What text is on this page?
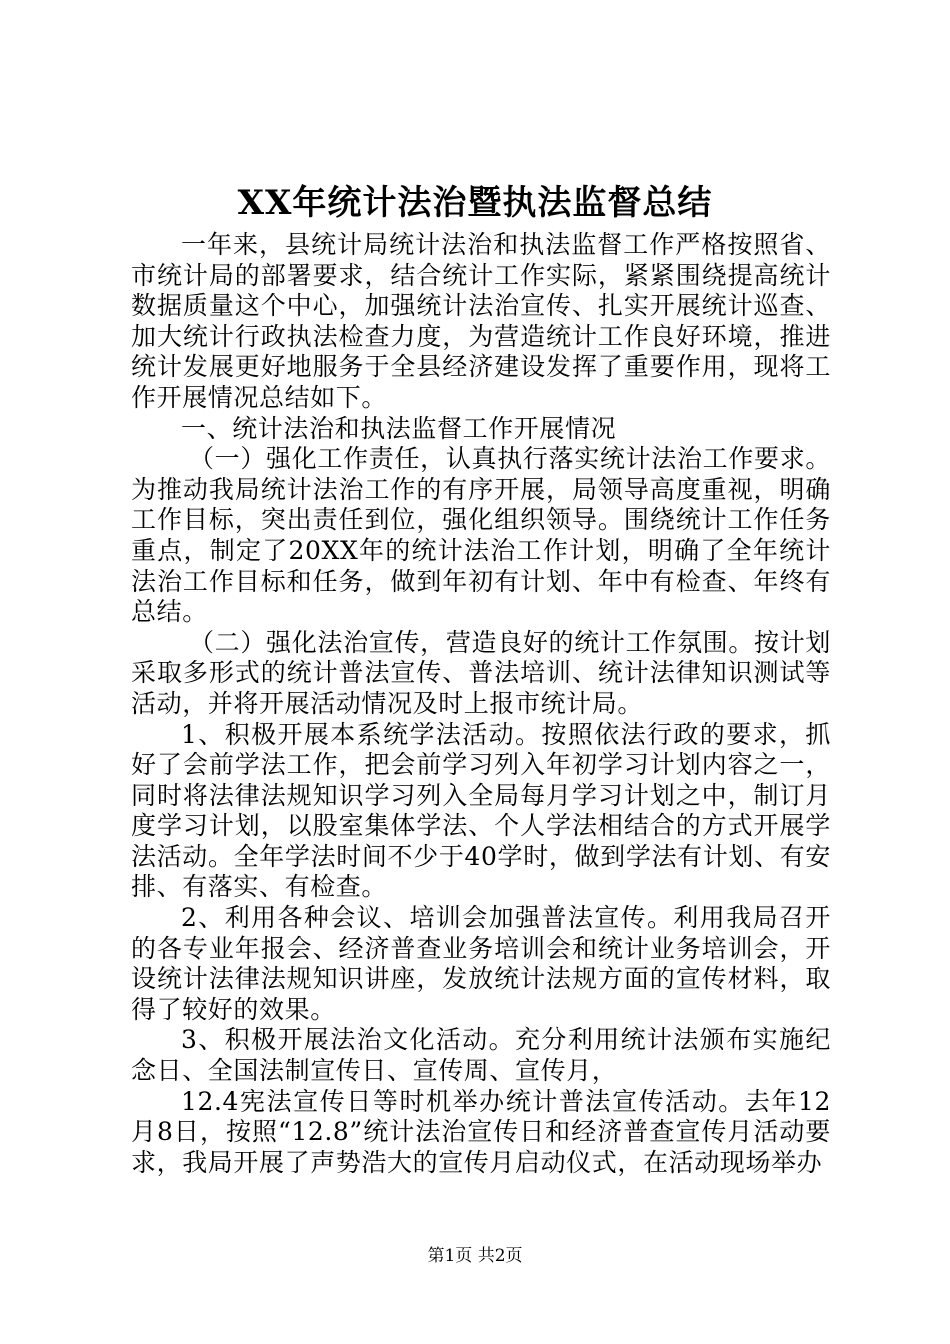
XX年统计法治暨执法监督总结

一年来，县统计局统计法治和执法监督工作严格按照省、市统计局的部署要求，结合统计工作实际，紧紧围绕提高统计数据质量这个中心，加强统计法治宣传、扎实开展统计巡查、加大统计行政执法检查力度，为营造统计工作良好环境，推进统计发展更好地服务于全县经济建设发挥了重要作用，现将工作开展情况总结如下。

一、统计法治和执法监督工作开展情况

（一）强化工作责任，认真执行落实统计法治工作要求。为推动我局统计法治工作的有序开展，局领导高度重视，明确工作目标，突出责任到位，强化组织领导。围绕统计工作任务重点，制定了20XX年的统计法治工作计划，明确了全年统计法治工作目标和任务，做到年初有计划、年中有检查、年终有总结。

（二）强化法治宣传，营造良好的统计工作氛围。按计划采取多形式的统计普法宣传、普法培训、统计法律知识测试等活动，并将开展活动情况及时上报市统计局。

1、积极开展本系统学法活动。按照依法行政的要求，抓好了会前学法工作，把会前学习列入年初学习计划内容之一，同时将法律法规知识学习列入全局每月学习计划之中，制订月度学习计划，以股室集体学法、个人学法相结合的方式开展学法活动。全年学法时间不少于40学时，做到学法有计划、有安排、有落实、有检查。

2、利用各种会议、培训会加强普法宣传。利用我局召开的各专业年报会、经济普查业务培训会和统计业务培训会，开设统计法律法规知识讲座，发放统计法规方面的宣传材料，取得了较好的效果。

3、积极开展法治文化活动。充分利用统计法颁布实施纪念日、全国法制宣传日、宣传周、宣传月，

12.4宪法宣传日等时机举办统计普法宣传活动。去年12月8日，按照“12.8”统计法治宣传日和经济普查宣传月活动要求，我局开展了声势浩大的宣传月启动仪式，在活动现场举办

第1页 共2页
